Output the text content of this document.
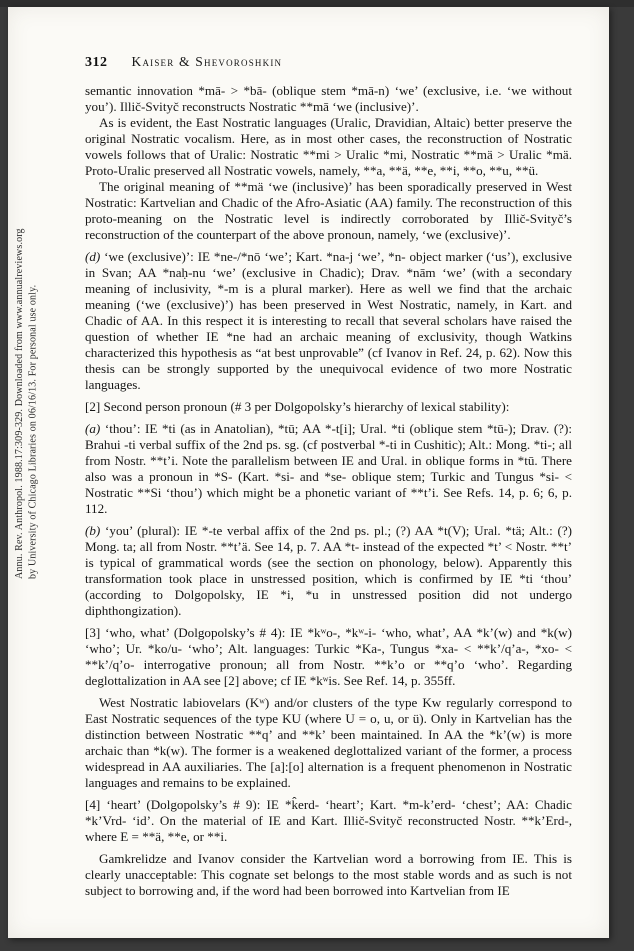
Annu. Rev. Anthropol. 1988.17:309-329. Downloaded from www.annualreviews.org by University of Chicago Libraries on 06/16/13. For personal use only.
312 Kaiser & Shevoroshkin

semantic innovation *mā- > *bā- (oblique stem *mā-n) ‘we’ (exclusive, i.e. ‘we without you’). Illič-Svityč reconstructs Nostratic **mā ‘we (inclusive)’.

As is evident, the East Nostratic languages (Uralic, Dravidian, Altaic) better preserve the original Nostratic vocalism. Here, as in most other cases, the reconstruction of Nostratic vowels follows that of Uralic: Nostratic **mi > Uralic *mi, Nostratic **mä > Uralic *mä. Proto-Uralic preserved all Nostratic vowels, namely, **a, **ä, **e, **i, **o, **u, **ü.

The original meaning of **mä ‘we (inclusive)’ has been sporadically preserved in West Nostratic: Kartvelian and Chadic of the Afro-Asiatic (AA) family. The reconstruction of this proto-meaning on the Nostratic level is indirectly corroborated by Illič-Svityč’s reconstruction of the counterpart of the above pronoun, namely, ‘we (exclusive)’.

(d) ‘we (exclusive)’: IE *ne-/*nō ‘we’; Kart. *na-j ‘we’, *n- object marker (‘us’), exclusive in Svan; AA *naḥ-nu ‘we’ (exclusive in Chadic); Drav. *nām ‘we’ (with a secondary meaning of inclusivity, *-m is a plural marker). Here as well we find that the archaic meaning (‘we (exclusive)’) has been preserved in West Nostratic, namely, in Kart. and Chadic of AA. In this respect it is interesting to recall that several scholars have raised the question of whether IE *ne had an archaic meaning of exclusivity, though Watkins characterized this hypothesis as “at best unprovable” (cf Ivanov in Ref. 24, p. 62). Now this thesis can be strongly supported by the unequivocal evidence of two more Nostratic languages.

[2] Second person pronoun (# 3 per Dolgopolsky’s hierarchy of lexical stability):

(a) ‘thou’: IE *ti (as in Anatolian), *tū; AA *-t[i]; Ural. *ti (oblique stem *tū-); Drav. (?): Brahui -ti verbal suffix of the 2nd ps. sg. (cf postverbal *-ti in Cushitic); Alt.: Mong. *ti-; all from Nostr. **t’i. Note the parallelism between IE and Ural. in oblique forms in *tū. There also was a pronoun in *S- (Kart. *si- and *se- oblique stem; Turkic and Tungus *si- < Nostratic **Si ‘thou’) which might be a phonetic variant of **t’i. See Refs. 14, p. 6; 6, p. 112.

(b) ‘you’ (plural): IE *-te verbal affix of the 2nd ps. pl.; (?) AA *t(V); Ural. *tä; Alt.: (?) Mong. ta; all from Nostr. **t’ä. See 14, p. 7. AA *t- instead of the expected *t’ < Nostr. **t’ is typical of grammatical words (see the section on phonology, below). Apparently this transformation took place in unstressed position, which is confirmed by IE *ti ‘thou’ (according to Dolgopolsky, IE *i, *u in unstressed position did not undergo diphthongization).

[3] ‘who, what’ (Dolgopolsky’s # 4): IE *kʷo-, *kʷ-i- ‘who, what’, AA *k’(w) and *k(w) ‘who’; Ur. *ko/u- ‘who’; Alt. languages: Turkic *Ka-, Tungus *xa- < **k’/q’a-, *xo- < **k’/q’o- interrogative pronoun; all from Nostr. **k’o or **q’o ‘who’. Regarding deglottalization in AA see [2] above; cf IE *kʷis. See Ref. 14, p. 355ff.

West Nostratic labiovelars (Kʷ) and/or clusters of the type Kw regularly correspond to East Nostratic sequences of the type KU (where U = o, u, or ü). Only in Kartvelian has the distinction between Nostratic **q’ and **k’ been maintained. In AA the *k’(w) is more archaic than *k(w). The former is a weakened deglottalized variant of the former, a process widespread in AA auxiliaries. The [a]:[o] alternation is a frequent phenomenon in Nostratic languages and remains to be explained.

[4] ‘heart’ (Dolgopolsky’s # 9): IE *k̂erd- ‘heart’; Kart. *m-k’erd- ‘chest’; AA: Chadic *k’Vrd- ‘id’. On the material of IE and Kart. Illič-Svityč reconstructed Nostr. **k’Erd-, where E = **ä, **e, or **i.

Gamkrelidze and Ivanov consider the Kartvelian word a borrowing from IE. This is clearly unacceptable: This cognate set belongs to the most stable words and as such is not subject to borrowing and, if the word had been borrowed into Kartvelian from IE
